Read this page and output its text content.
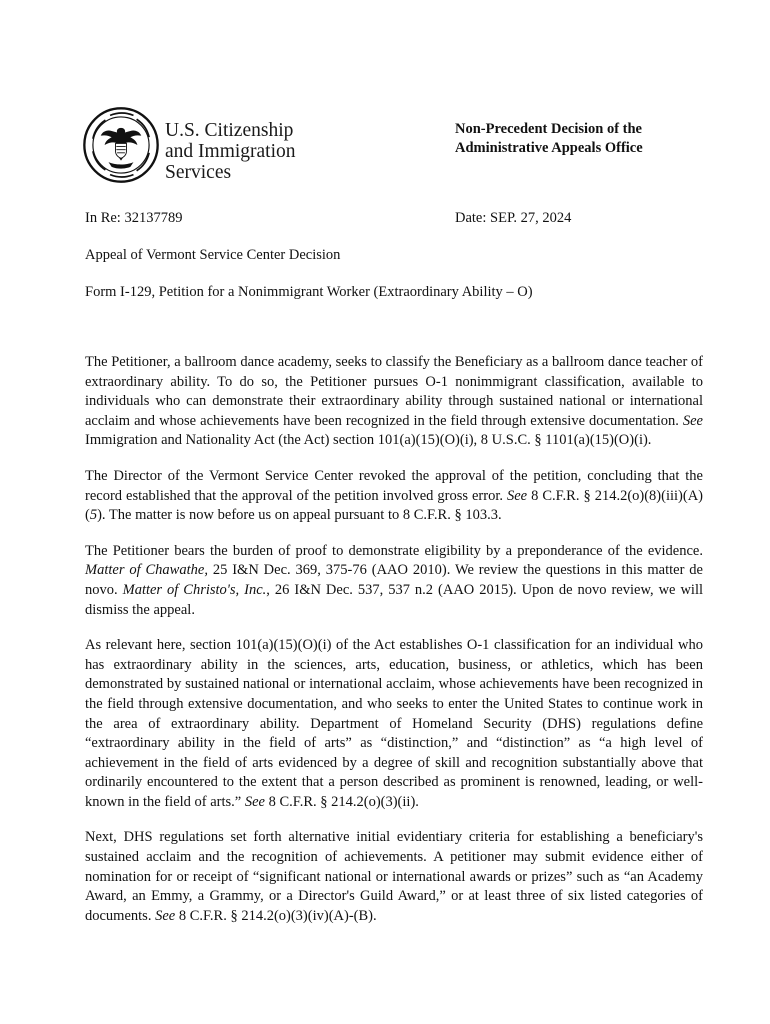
U.S. Citizenship
and Immigration
Services
Non-Precedent Decision of the
Administrative Appeals Office
In Re: 32137789	Date: SEP. 27, 2024
Appeal of Vermont Service Center Decision
Form I-129, Petition for a Nonimmigrant Worker (Extraordinary Ability – O)

The Petitioner, a ballroom dance academy, seeks to classify the Beneficiary as a ballroom dance teacher of extraordinary ability. To do so, the Petitioner pursues O-1 nonimmigrant classification, available to individuals who can demonstrate their extraordinary ability through sustained national or international acclaim and whose achievements have been recognized in the field through extensive documentation. See Immigration and Nationality Act (the Act) section 101(a)(15)(O)(i), 8 U.S.C. § 1101(a)(15)(O)(i).

The Director of the Vermont Service Center revoked the approval of the petition, concluding that the record established that the approval of the petition involved gross error. See 8 C.F.R. § 214.2(o)(8)(iii)(A)(5). The matter is now before us on appeal pursuant to 8 C.F.R. § 103.3.

The Petitioner bears the burden of proof to demonstrate eligibility by a preponderance of the evidence. Matter of Chawathe, 25 I&N Dec. 369, 375-76 (AAO 2010). We review the questions in this matter de novo. Matter of Christo's, Inc., 26 I&N Dec. 537, 537 n.2 (AAO 2015). Upon de novo review, we will dismiss the appeal.

As relevant here, section 101(a)(15)(O)(i) of the Act establishes O-1 classification for an individual who has extraordinary ability in the sciences, arts, education, business, or athletics, which has been demonstrated by sustained national or international acclaim, whose achievements have been recognized in the field through extensive documentation, and who seeks to enter the United States to continue work in the area of extraordinary ability. Department of Homeland Security (DHS) regulations define “extraordinary ability in the field of arts” as “distinction,” and “distinction” as “a high level of achievement in the field of arts evidenced by a degree of skill and recognition substantially above that ordinarily encountered to the extent that a person described as prominent is renowned, leading, or well-known in the field of arts.” See 8 C.F.R. § 214.2(o)(3)(ii).

Next, DHS regulations set forth alternative initial evidentiary criteria for establishing a beneficiary's sustained acclaim and the recognition of achievements. A petitioner may submit evidence either of nomination for or receipt of “significant national or international awards or prizes” such as “an Academy Award, an Emmy, a Grammy, or a Director's Guild Award,” or at least three of six listed categories of documents. See 8 C.F.R. § 214.2(o)(3)(iv)(A)-(B).
